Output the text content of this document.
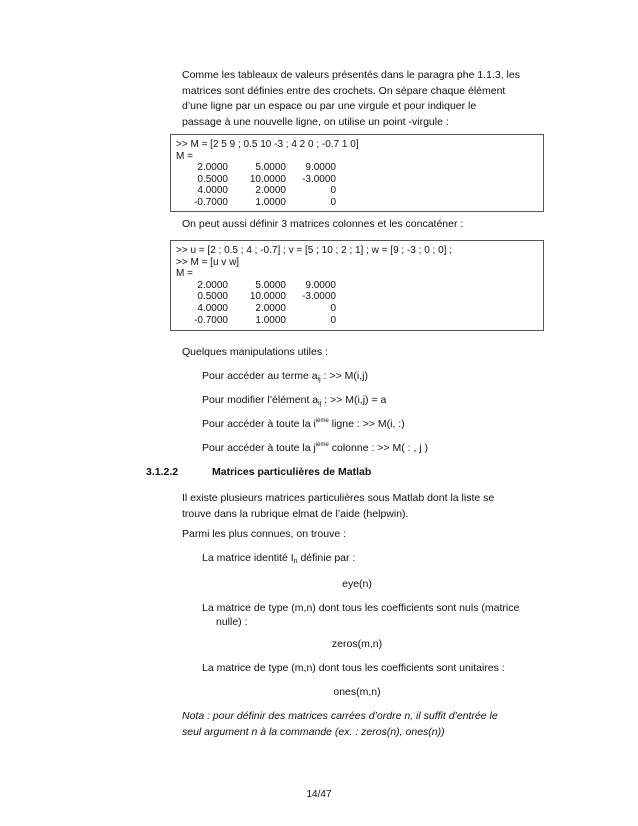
Comme les tableaux de valeurs présentés dans le paragra phe 1.1.3, les
matrices sont définies entre des crochets. On sépare chaque élément
d’une ligne par un espace ou par une virgule et pour indiquer le
passage à une nouvelle ligne, on utilise un point -virgule :
>> M = [2 5 9 ; 0.5 10 -3 ; 4 2 0 ; -0.7 1 0]
M =
2.0000	5.0000	9.0000
0.5000	10.0000	-3.0000
4.0000	2.0000	0
-0.7000	1.0000	0
On peut aussi définir 3 matrices colonnes et les concaténer :
>> u = [2 ; 0.5 ; 4 ; -0.7] ; v = [5 ; 10 ; 2 ; 1] ; w = [9 ; -3 ; 0 ; 0] ;
>> M = [u v w]
M =
2.0000	5.0000	9.0000
0.5000	10.0000	-3.0000
4.0000	2.0000	0
-0.7000	1.0000	0
Quelques manipulations utiles :
Pour accéder au terme $a_{ij}$ : >> M(i,j)
Pour modifier l’élément $a_{ij}$ : >> M(i,j) = a
Pour accéder à toute la $i^{ième}$ ligne : >> M(i, :)
Pour accéder à toute la $j^{ième}$ colonne : >> M( : , j )
3.1.2.2	Matrices particulières de Matlab
Il existe plusieurs matrices particulières sous Matlab dont la liste se
trouve dans la rubrique elmat de l’aide (helpwin).
Parmi les plus connues, on trouve :
La matrice identité $I_n$ définie par :
eye(n)
La matrice de type (m,n) dont tous les coefficients sont nuls (matrice
nulle) :
zeros(m,n)
La matrice de type (m,n) dont tous les coefficients sont unitaires :
ones(m,n)
Nota : pour définir des matrices carrées d’ordre n, il suffit d’entrée le
seul argument n à la commande (ex. : zeros(n), ones(n))
14/47
